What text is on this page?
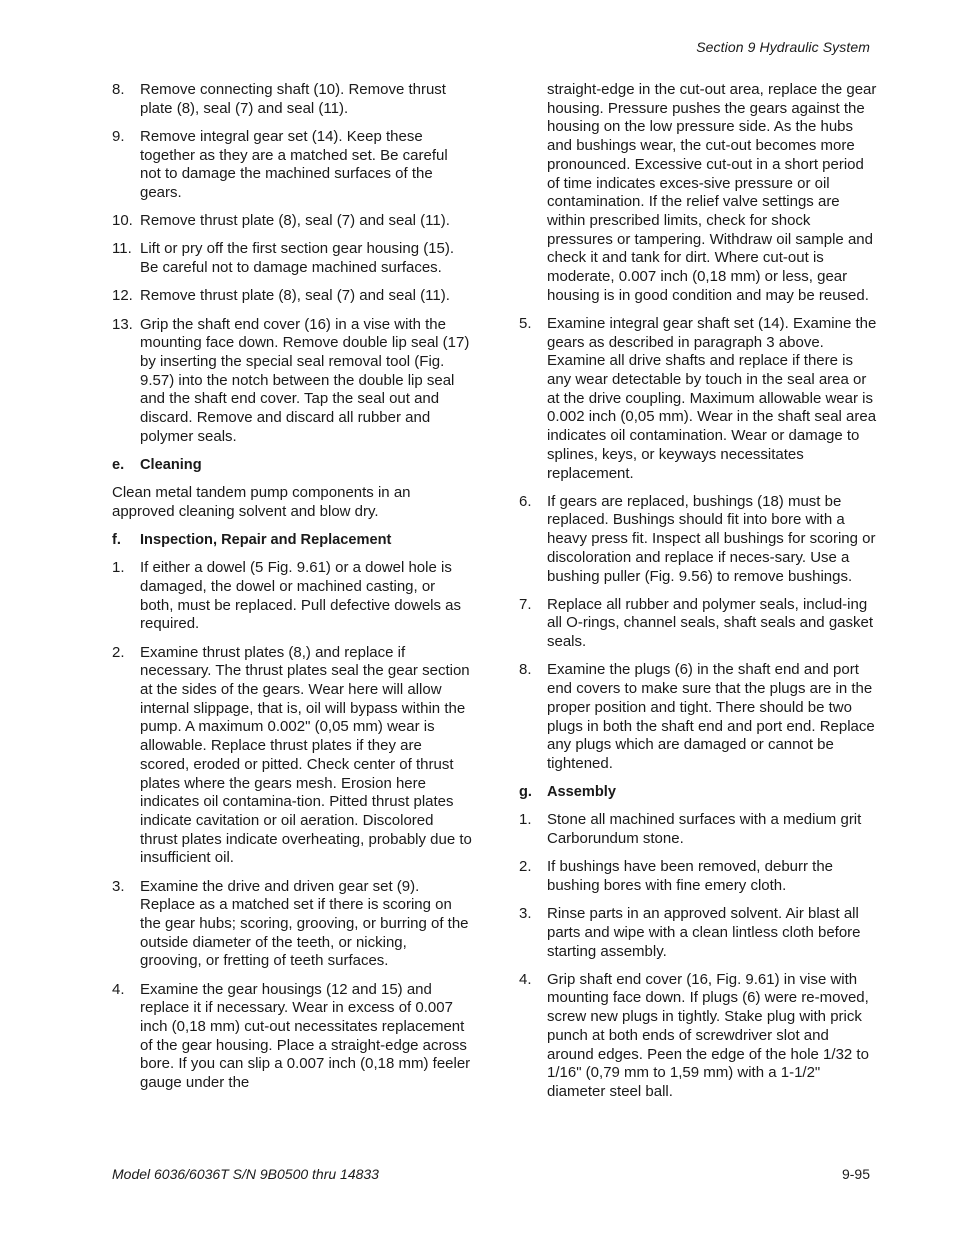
Section 9 Hydraulic System
8.	Remove connecting shaft (10). Remove thrust plate (8), seal (7) and seal (11).
9.	Remove integral gear set (14). Keep these together as they are a matched set. Be careful not to damage the machined surfaces of the gears.
10. Remove thrust plate (8), seal (7) and seal (11).
11. Lift or pry off the first section gear housing (15). Be careful not to damage machined surfaces.
12. Remove thrust plate (8), seal (7) and seal (11).
13. Grip the shaft end cover (16) in a vise with the mounting face down. Remove double lip seal (17) by inserting the special seal removal tool (Fig. 9.57) into the notch between the double lip seal and the shaft end cover. Tap the seal out and discard. Remove and discard all rubber and polymer seals.
e.	Cleaning
Clean metal tandem pump components in an approved cleaning solvent and blow dry.
f.	Inspection, Repair and Replacement
1.	If either a dowel (5 Fig. 9.61) or a dowel hole is damaged, the dowel or machined casting, or both, must be replaced. Pull defective dowels as required.
2.	Examine thrust plates (8,) and replace if necessary. The thrust plates seal the gear section at the sides of the gears. Wear here will allow internal slippage, that is, oil will bypass within the pump. A maximum 0.002" (0,05 mm) wear is allowable. Replace thrust plates if they are scored, eroded or pitted. Check center of thrust plates where the gears mesh. Erosion here indicates oil contamina-tion. Pitted thrust plates indicate cavitation or oil aeration. Discolored thrust plates indicate overheating, probably due to insufficient oil.
3.	Examine the drive and driven gear set (9). Replace as a matched set if there is scoring on the gear hubs; scoring, grooving, or burring of the outside diameter of the teeth, or nicking, grooving, or fretting of teeth surfaces.
4.	Examine the gear housings (12 and 15) and replace it if necessary. Wear in excess of 0.007 inch (0,18 mm) cut-out necessitates replacement of the gear housing. Place a straight-edge across bore. If you can slip a 0.007 inch (0,18 mm) feeler gauge under the
straight-edge in the cut-out area, replace the gear housing. Pressure pushes the gears against the housing on the low pressure side. As the hubs and bushings wear, the cut-out becomes more pronounced. Excessive cut-out in a short period of time indicates exces-sive pressure or oil contamination. If the relief valve settings are within prescribed limits, check for shock pressures or tampering. Withdraw oil sample and check it and tank for dirt. Where cut-out is moderate, 0.007 inch (0,18 mm) or less, gear housing is in good condition and may be reused.
5.	Examine integral gear shaft set (14). Examine the gears as described in paragraph 3 above. Examine all drive shafts and replace if there is any wear detectable by touch in the seal area or at the drive coupling. Maximum allowable wear is 0.002 inch (0,05 mm). Wear in the shaft seal area indicates oil contamination. Wear or damage to splines, keys, or keyways necessitates replacement.
6.	If gears are replaced, bushings (18) must be replaced. Bushings should fit into bore with a heavy press fit. Inspect all bushings for scoring or discoloration and replace if neces-sary. Use a bushing puller (Fig. 9.56) to remove bushings.
7.	Replace all rubber and polymer seals, includ-ing all O-rings, channel seals, shaft seals and gasket seals.
8.	Examine the plugs (6) in the shaft end and port end covers to make sure that the plugs are in the proper position and tight. There should be two plugs in both the shaft end and port end. Replace any plugs which are damaged or cannot be tightened.
g.	Assembly
1.	Stone all machined surfaces with a medium grit Carborundum stone.
2.	If bushings have been removed, deburr the bushing bores with fine emery cloth.
3.	Rinse parts in an approved solvent. Air blast all parts and wipe with a clean lintless cloth before starting assembly.
4.	Grip shaft end cover (16, Fig. 9.61) in vise with mounting face down. If plugs (6) were re-moved, screw new plugs in tightly. Stake plug with prick punch at both ends of screwdriver slot and around edges. Peen the edge of the hole 1/32 to 1/16" (0,79 mm to 1,59 mm) with a 1-1/2" diameter steel ball.
Model 6036/6036T S/N 9B0500 thru 14833	9-95
